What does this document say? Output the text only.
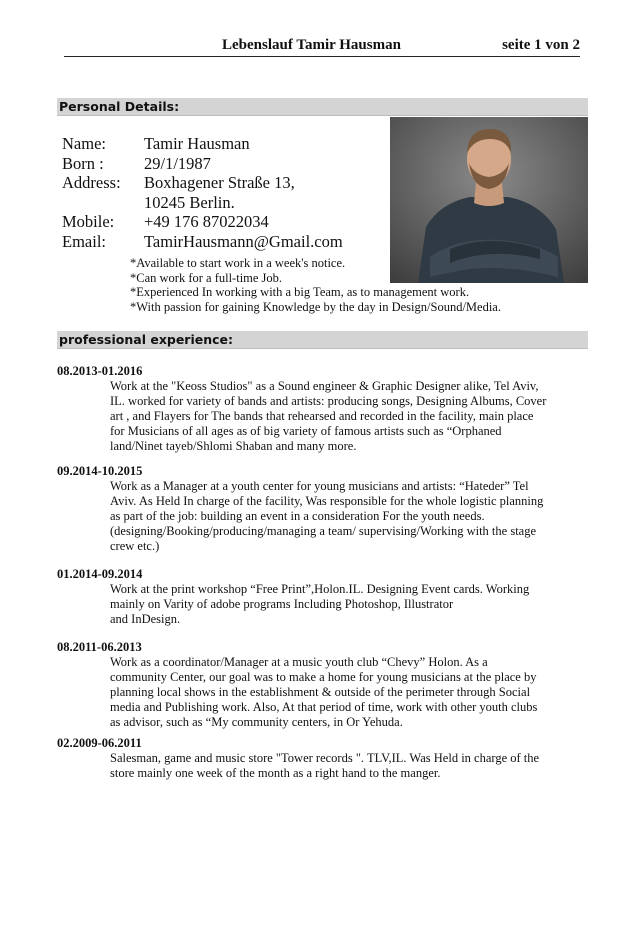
Lebenslauf Tamir Hausman	seite 1 von 2
Personal Details:
Name:	Tamir Hausman
Born :	29/1/1987
Address:	Boxhagener Straße 13,
10245 Berlin.
Mobile:	+49 176 87022034
Email:	TamirHausmann@Gmail.com
*Available to start work in a week's notice.
*Can work for a full-time Job.
*Experienced In working with a big Team, as to management work.
*With passion for gaining Knowledge by the day in Design/Sound/Media.
professional experience:
08.2013-01.2016
Work at the "Keoss Studios" as a Sound engineer & Graphic Designer alike, Tel Aviv,
IL. worked for variety of bands and artists: producing songs, Designing Albums, Cover
art , and Flayers for The bands that rehearsed and recorded in the facility, main place
for Musicians of all ages as of big variety of famous artists such as “Orphaned
land/Ninet tayeb/Shlomi Shaban and many more.
09.2014-10.2015
Work as a Manager at a youth center for young musicians and artists: “Hateder” Tel
Aviv. As Held In charge of the facility, Was responsible for the whole logistic planning
as part of the job: building an event in a consideration For the youth needs.
(designing/Booking/producing/managing a team/ supervising/Working with the stage
crew etc.)
01.2014-09.2014
Work at the print workshop “Free Print”,Holon.IL. Designing Event cards. Working
mainly on Varity of adobe programs Including Photoshop, Illustrator
and InDesign.
08.2011-06.2013
Work as a coordinator/Manager at a music youth club “Chevy” Holon. As a
community Center, our goal was to make a home for young musicians at the place by
planning local shows in the establishment & outside of the perimeter through Social
media and Publishing work. Also, At that period of time, work with other youth clubs
as advisor, such as “My community centers, in Or Yehuda.
02.2009-06.2011
Salesman, game and music store "Tower records ". TLV,IL. Was Held in charge of the
store mainly one week of the month as a right hand to the manger.
